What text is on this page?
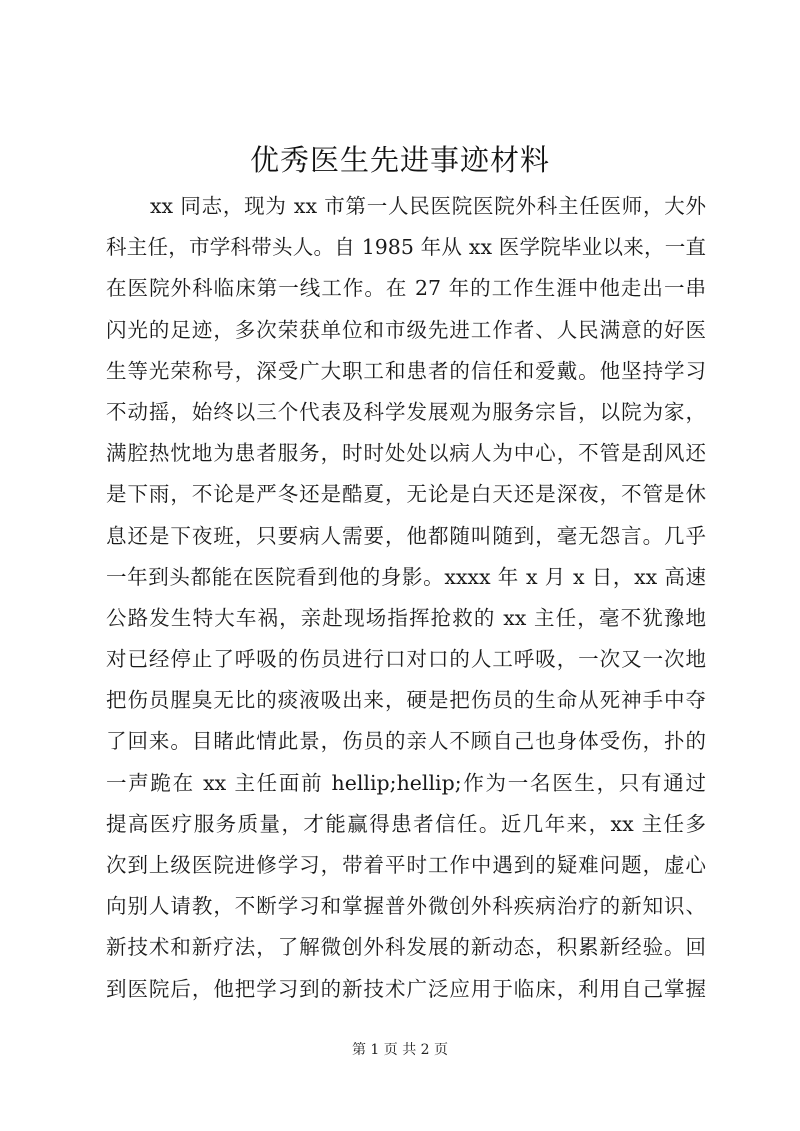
优秀医生先进事迹材料
xx 同志，现为 xx 市第一人民医院医院外科主任医师，大外
科主任，市学科带头人。自 1985 年从 xx 医学院毕业以来，一直
在医院外科临床第一线工作。在 27 年的工作生涯中他走出一串
闪光的足迹，多次荣获单位和市级先进工作者、人民满意的好医
生等光荣称号，深受广大职工和患者的信任和爱戴。他坚持学习
不动摇，始终以三个代表及科学发展观为服务宗旨，以院为家，
满腔热忱地为患者服务，时时处处以病人为中心，不管是刮风还
是下雨，不论是严冬还是酷夏，无论是白天还是深夜，不管是休
息还是下夜班，只要病人需要，他都随叫随到，毫无怨言。几乎
一年到头都能在医院看到他的身影。xxxx 年 x 月 x 日，xx 高速
公路发生特大车祸，亲赴现场指挥抢救的 xx 主任，毫不犹豫地
对已经停止了呼吸的伤员进行口对口的人工呼吸，一次又一次地
把伤员腥臭无比的痰液吸出来，硬是把伤员的生命从死神手中夺
了回来。目睹此情此景，伤员的亲人不顾自己也身体受伤，扑的
一声跪在 xx 主任面前 hellip;hellip;作为一名医生，只有通过
提高医疗服务质量，才能赢得患者信任。近几年来，xx 主任多
次到上级医院进修学习，带着平时工作中遇到的疑难问题，虚心
向别人请教，不断学习和掌握普外微创外科疾病治疗的新知识、
新技术和新疗法，了解微创外科发展的新动态，积累新经验。回
到医院后，他把学习到的新技术广泛应用于临床，利用自己掌握
第 1 页 共 2 页
